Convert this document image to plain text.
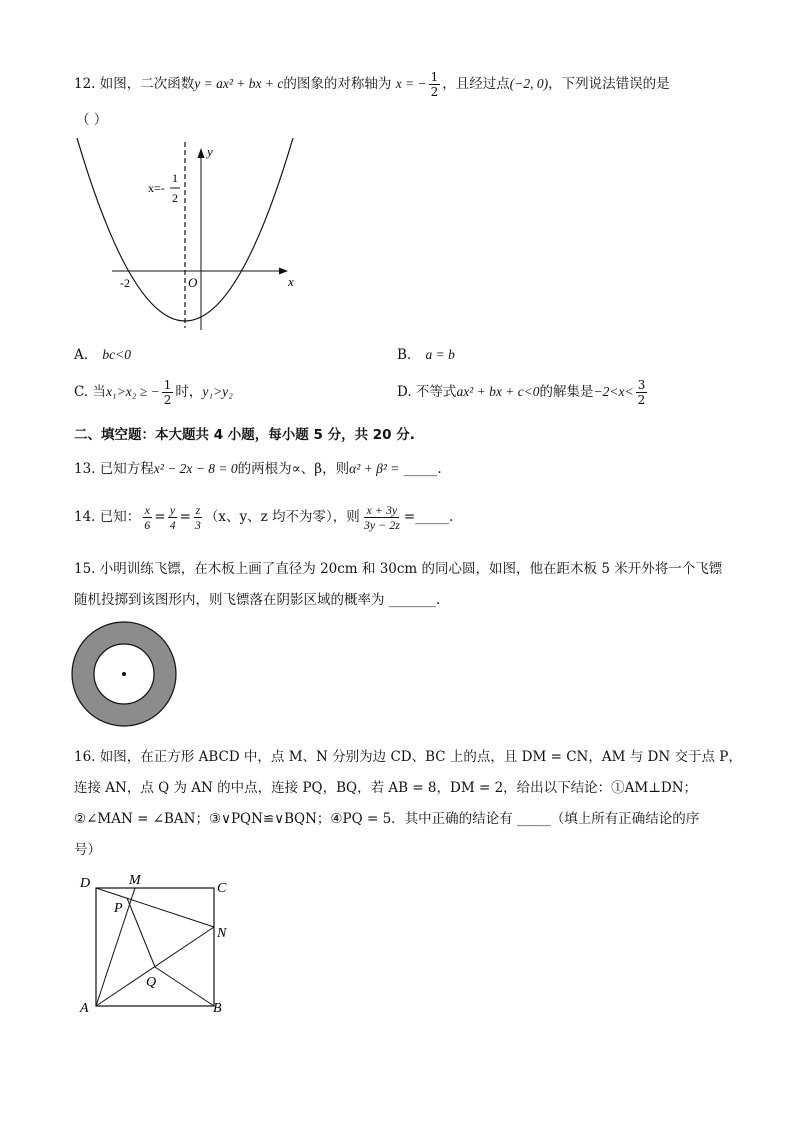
12. 如图，二次函数y = ax² + bx + c的图象的对称轴为 x = − $\frac{1}{2}$ ，且经过点(−2, 0)，下列说法错误的是
（ ）
y
x
O
-2
x=-
1
2
A. bc<0	B. a = b
C. 当x₁>x₂ ≥ − $\frac{1}{2}$ 时，y₁>y₂	D. 不等式ax² + bx + c<0的解集是$-2<x< \frac{3}{2}$
二、填空题：本大题共 4 小题，每小题 5 分，共 20 分.
13. 已知方程x² − 2x − 8 = 0的两根为∝、β，则α² + β² = _____.
14. 已知： $\frac{x}{6} = \frac{y}{4} = \frac{z}{3} (x$、y、z 均不为零），则 $\frac{x + 3y}{3y - 2z}$ =_____.
15. 小明训练飞镖，在木板上画了直径为 20cm 和 30cm 的同心圆，如图，他在距木板 5 米开外将一个飞镖
随机投掷到该图形内，则飞镖落在阴影区域的概率为 _______.
16. 如图，在正方形 ABCD 中，点 M、N 分别为边 CD、BC 上的点，且 DM = CN，AM 与 DN 交于点 P，
连接 AN，点 Q 为 AN 的中点，连接 PQ，BQ，若 AB = 8，DM = 2，给出以下结论：①AM⊥DN；
②∠MAN = ∠BAN；③∨PQN≌∨BQN；④PQ = 5．其中正确的结论有 _____（填上所有正确结论的序
号）
D	M
C
P
N
Q
A	B
